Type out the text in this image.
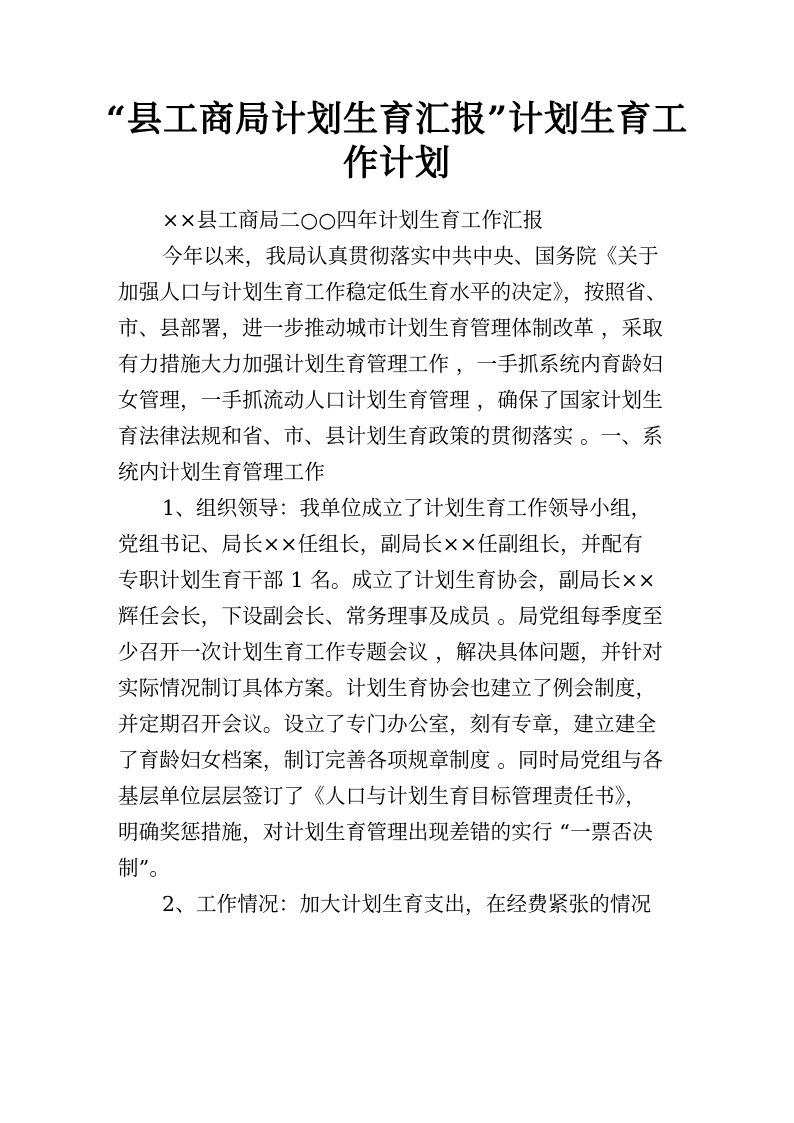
“县工商局计划生育汇报”计划生育工
作计划
××县工商局二○○四年计划生育工作汇报
今年以来，我局认真贯彻落实中共中央、国务院《关于
加强人口与计划生育工作稳定低生育水平的决定》，按照省、
市、县部署，进一步推动城市计划生育管理体制改革 ，采取
有力措施大力加强计划生育管理工作 ，一手抓系统内育龄妇
女管理，一手抓流动人口计划生育管理 ，确保了国家计划生
育法律法规和省、市、县计划生育政策的贯彻落实 。一、系
统内计划生育管理工作
1、组织领导：我单位成立了计划生育工作领导小组，
党组书记、局长××任组长，副局长××任副组长，并配有
专职计划生育干部 1 名。成立了计划生育协会，副局长××
辉任会长，下设副会长、常务理事及成员 。局党组每季度至
少召开一次计划生育工作专题会议 ，解决具体问题，并针对
实际情况制订具体方案。计划生育协会也建立了例会制度，
并定期召开会议。设立了专门办公室，刻有专章，建立建全
了育龄妇女档案，制订完善各项规章制度 。同时局党组与各
基层单位层层签订了《人口与计划生育目标管理责任书》，
明确奖惩措施，对计划生育管理出现差错的实行 “一票否决
制”。
2、工作情况：加大计划生育支出，在经费紧张的情况
